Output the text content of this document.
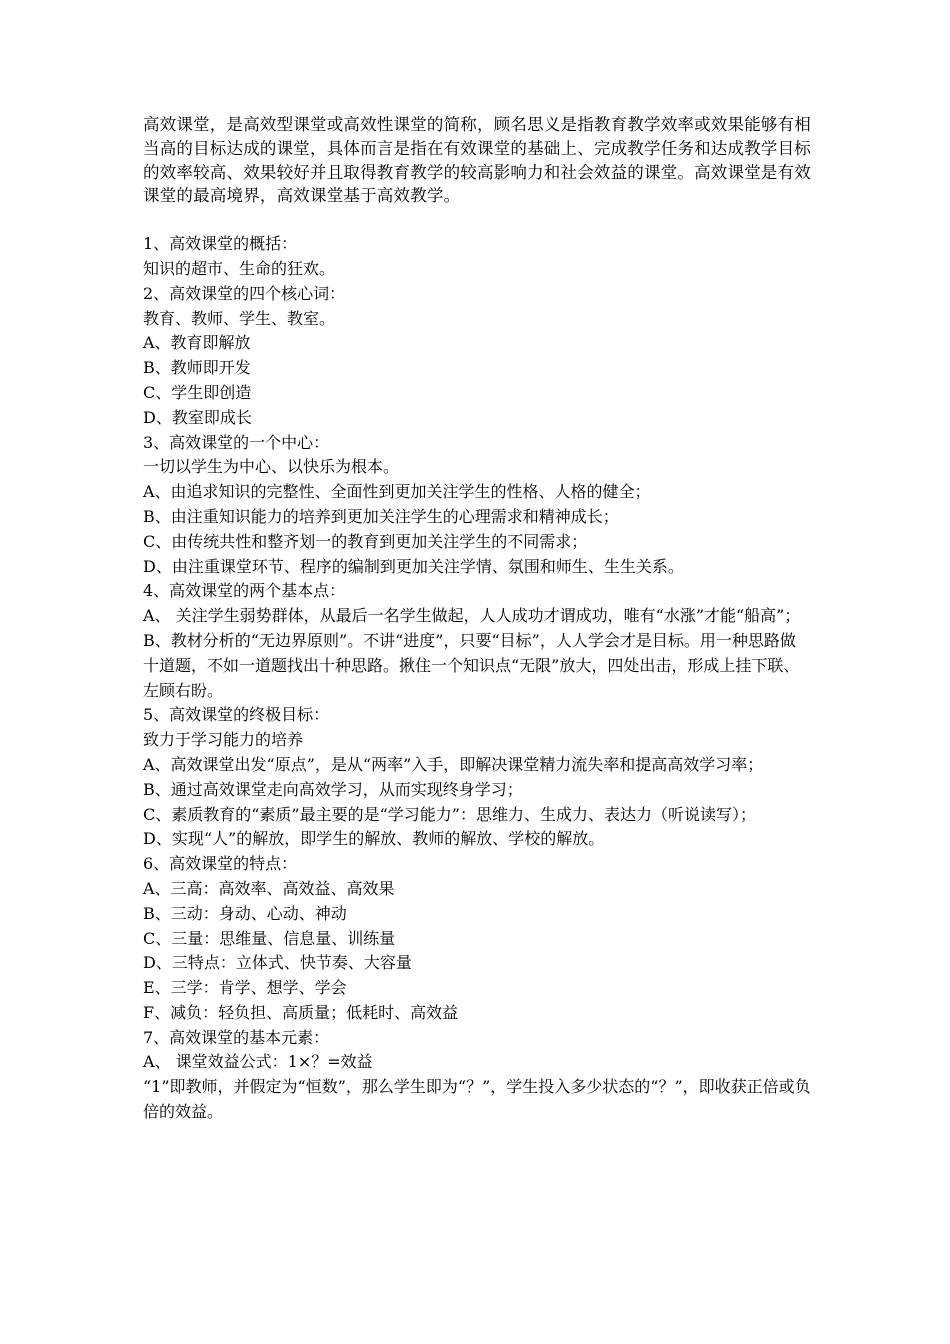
高效课堂，是高效型课堂或高效性课堂的简称，顾名思义是指教育教学效率或效果能够有相当高的目标达成的课堂，具体而言是指在有效课堂的基础上、完成教学任务和达成教学目标的效率较高、效果较好并且取得教育教学的较高影响力和社会效益的课堂。高效课堂是有效课堂的最高境界，高效课堂基于高效教学。

1、高效课堂的概括：

知识的超市、生命的狂欢。

2、高效课堂的四个核心词：

教育、教师、学生、教室。

A、教育即解放

B、教师即开发

C、学生即创造

D、教室即成长

3、高效课堂的一个中心：

一切以学生为中心、以快乐为根本。

A、由追求知识的完整性、全面性到更加关注学生的性格、人格的健全；

B、由注重知识能力的培养到更加关注学生的心理需求和精神成长；

C、由传统共性和整齐划一的教育到更加关注学生的不同需求；

D、由注重课堂环节、程序的编制到更加关注学情、氛围和师生、生生关系。

4、高效课堂的两个基本点：

A、 关注学生弱势群体，从最后一名学生做起，人人成功才谓成功，唯有“水涨”才能“船高”；

B、教材分析的“无边界原则”。不讲“进度”，只要“目标”，人人学会才是目标。用一种思路做十道题，不如一道题找出十种思路。揪住一个知识点“无限”放大，四处出击，形成上挂下联、左顾右盼。

5、高效课堂的终极目标：

致力于学习能力的培养

A、高效课堂出发“原点”，是从“两率”入手，即解决课堂精力流失率和提高高效学习率；

B、通过高效课堂走向高效学习，从而实现终身学习；

C、素质教育的“素质”最主要的是“学习能力”：思维力、生成力、表达力（听说读写）；

D、实现“人”的解放，即学生的解放、教师的解放、学校的解放。

6、高效课堂的特点：

A、三高：高效率、高效益、高效果

B、三动：身动、心动、神动

C、三量：思维量、信息量、训练量

D、三特点：立体式、快节奏、大容量

E、三学：肯学、想学、学会

F、减负：轻负担、高质量；低耗时、高效益

7、高效课堂的基本元素：

A、 课堂效益公式：1×？=效益

“1”即教师，并假定为“恒数”，那么学生即为“？”，学生投入多少状态的“？”，即收获正倍或负倍的效益。
